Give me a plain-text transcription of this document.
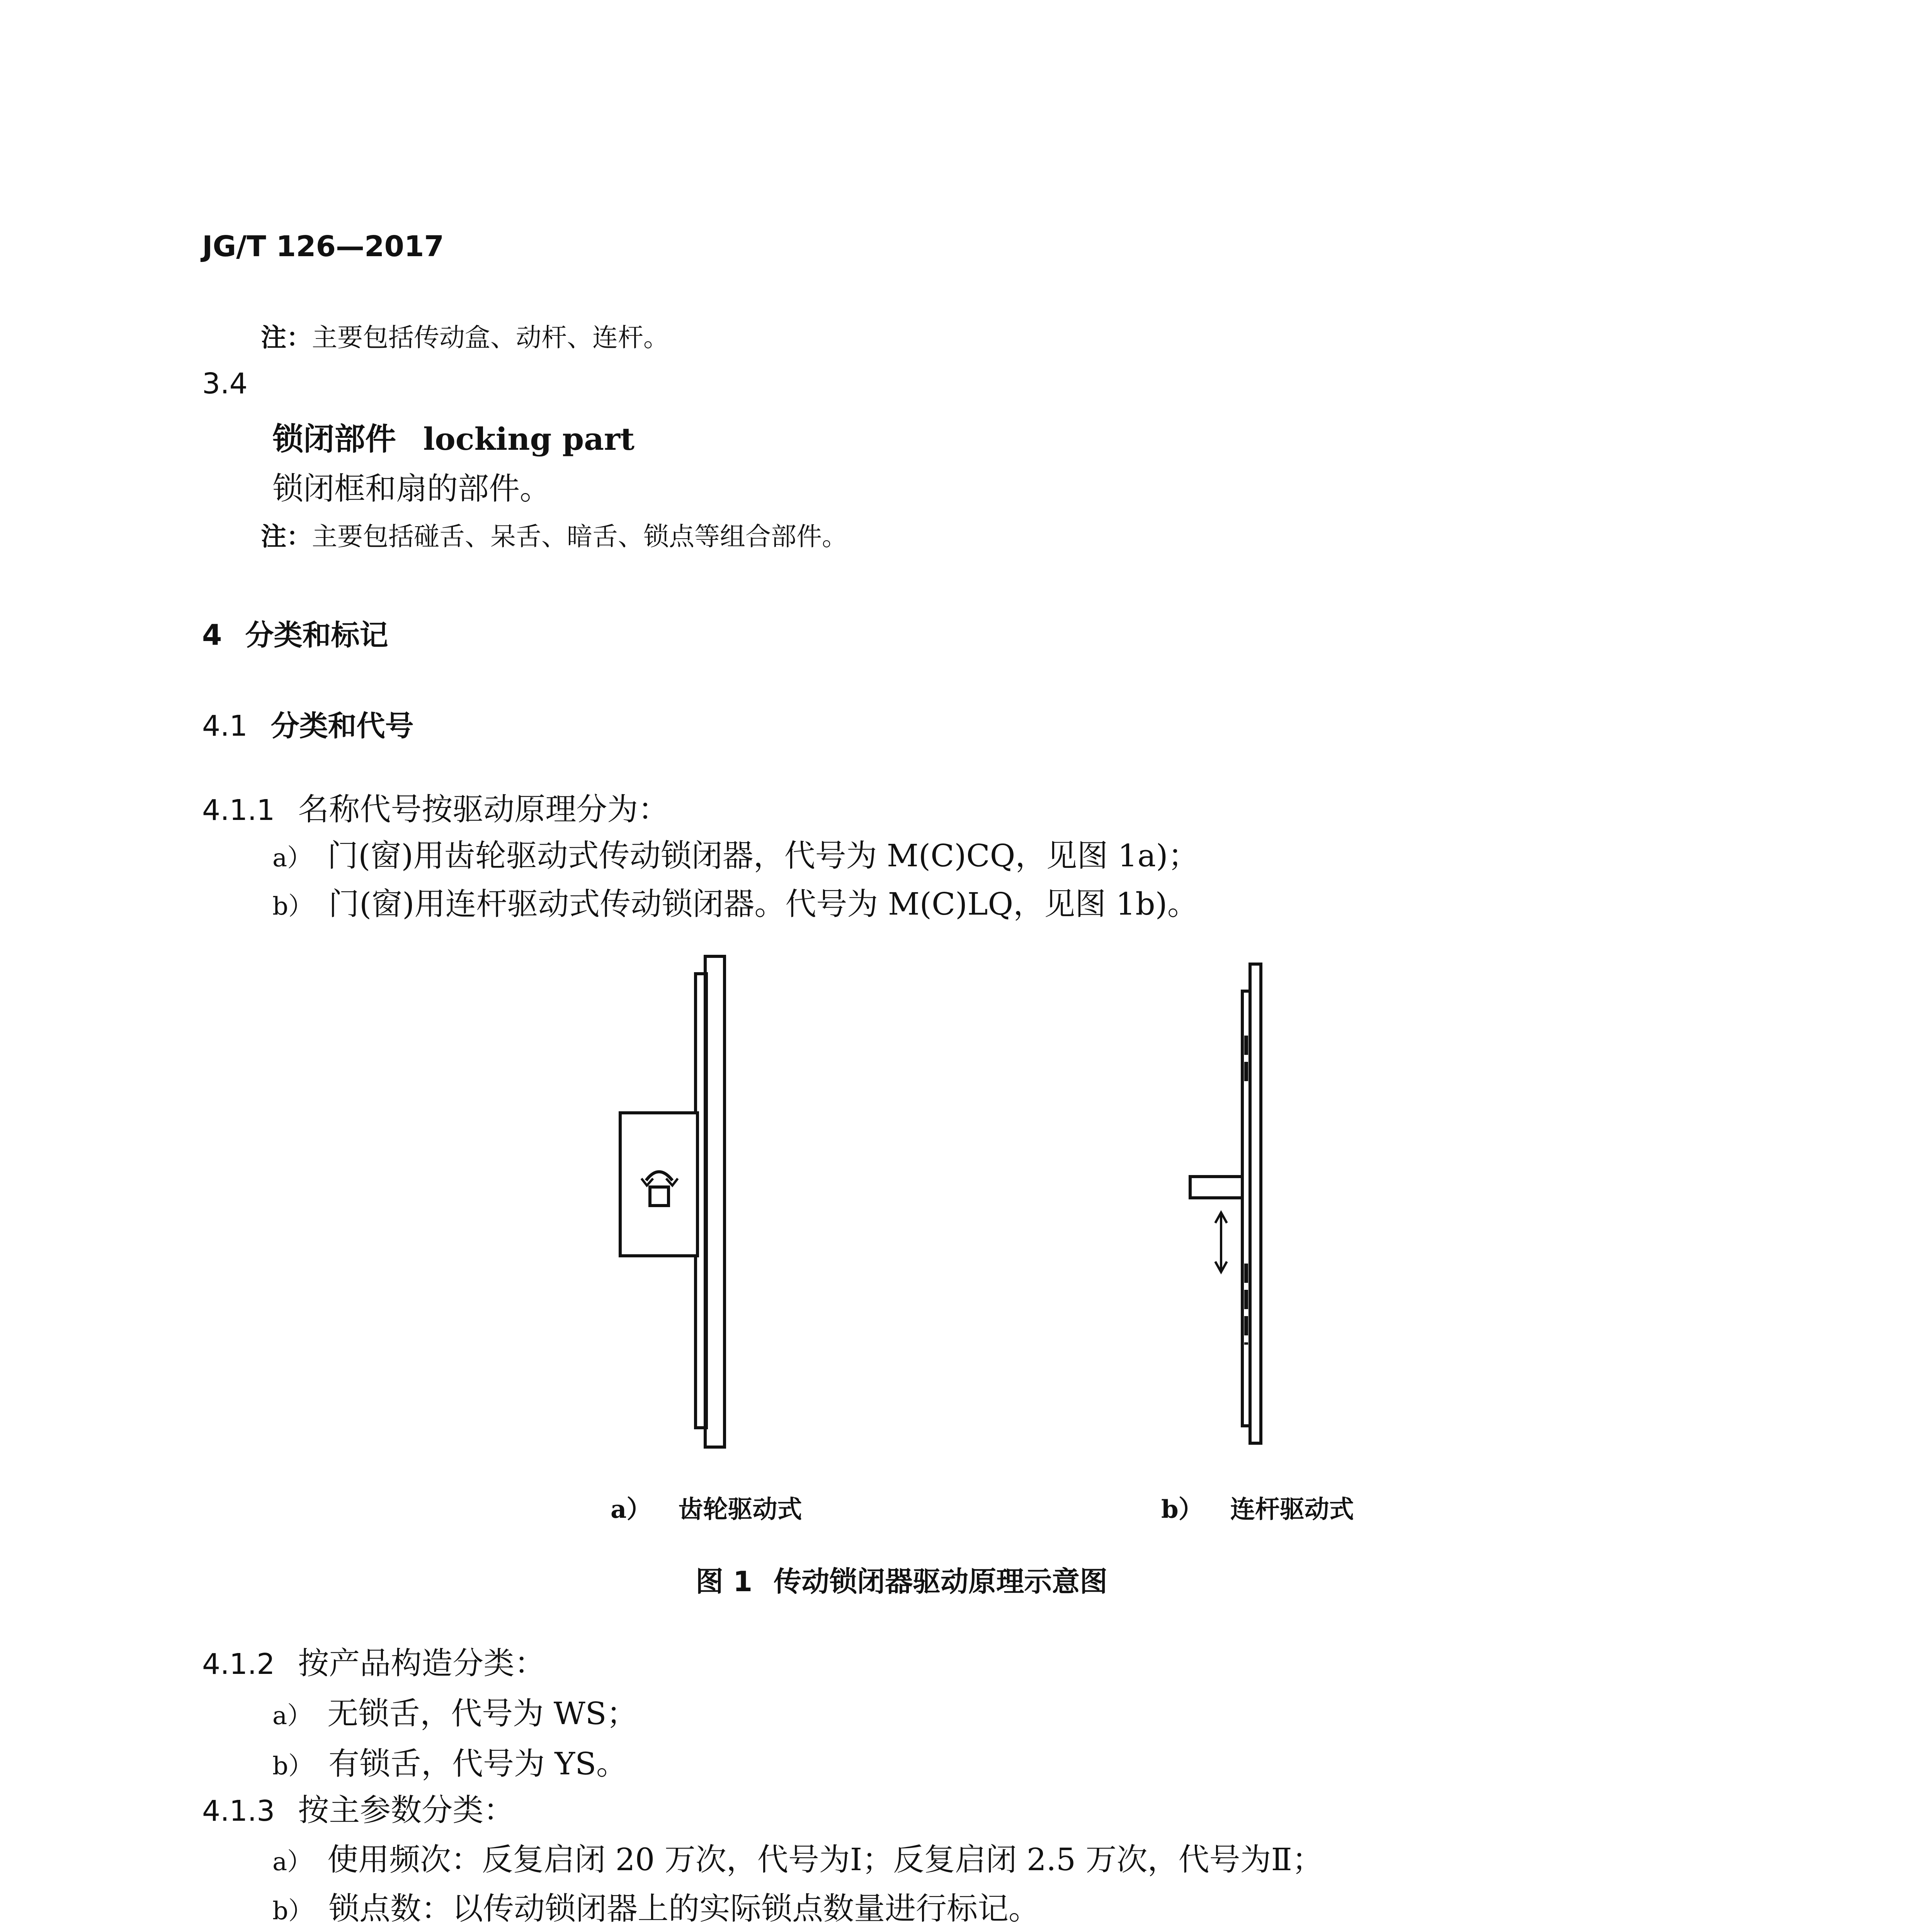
JG/T 126—2017
注：主要包括传动盒、动杆、连杆。
3.4
锁闭部件 locking part
锁闭框和扇的部件。
注：主要包括碰舌、呆舌、暗舌、锁点等组合部件。
4 分类和标记
4.1 分类和代号
4.1.1 名称代号按驱动原理分为：
a） 门(窗)用齿轮驱动式传动锁闭器，代号为 M(C)CQ，见图 1a)；
b） 门(窗)用连杆驱动式传动锁闭器。代号为 M(C)LQ，见图 1b)。
a） 齿轮驱动式	b） 连杆驱动式
图 1 传动锁闭器驱动原理示意图
4.1.2 按产品构造分类：
a） 无锁舌，代号为 WS；
b） 有锁舌，代号为 YS。
4.1.3 按主参数分类：
a） 使用频次：反复启闭 20 万次，代号为Ⅰ；反复启闭 2.5 万次，代号为Ⅱ；
b） 锁点数：以传动锁闭器上的实际锁点数量进行标记。
